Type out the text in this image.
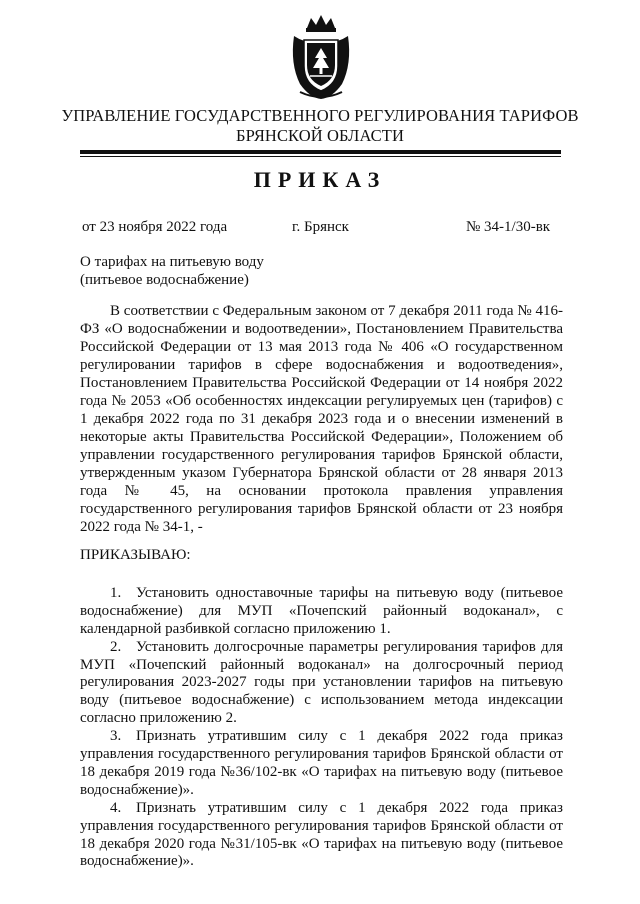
УПРАВЛЕНИЕ ГОСУДАРСТВЕННОГО РЕГУЛИРОВАНИЯ ТАРИФОВ
БРЯНСКОЙ ОБЛАСТИ
ПРИКАЗ
от 23 ноября 2022 года	г. Брянск	№ 34-1/30-вк
О тарифах на питьевую воду
(питьевое водоснабжение)

В соответствии с Федеральным законом от 7 декабря 2011 года № 416-ФЗ «О водоснабжении и водоотведении», Постановлением Правительства Российской Федерации от 13 мая 2013 года № 406 «О государственном регулировании тарифов в сфере водоснабжения и водоотведения», Постановлением Правительства Российской Федерации от 14 ноября 2022 года № 2053 «Об особенностях индексации регулируемых цен (тарифов) с 1 декабря 2022 года по 31 декабря 2023 года и о внесении изменений в некоторые акты Правительства Российской Федерации», Положением об управлении государственного регулирования тарифов Брянской области, утвержденным указом Губернатора Брянской области от 28 января 2013 года № 45, на основании протокола правления управления государственного регулирования тарифов Брянской области от 23 ноября 2022 года № 34-1, -

ПРИКАЗЫВАЮ:
1. Установить одноставочные тарифы на питьевую воду (питьевое водоснабжение) для МУП «Почепский районный водоканал», с календарной разбивкой согласно приложению 1.
2. Установить долгосрочные параметры регулирования тарифов для МУП «Почепский районный водоканал» на долгосрочный период регулирования 2023-2027 годы при установлении тарифов на питьевую воду (питьевое водоснабжение) с использованием метода индексации согласно приложению 2.
3. Признать утратившим силу с 1 декабря 2022 года приказ управления государственного регулирования тарифов Брянской области от 18 декабря 2019 года №36/102-вк «О тарифах на питьевую воду (питьевое водоснабжение)».
4. Признать утратившим силу с 1 декабря 2022 года приказ управления государственного регулирования тарифов Брянской области от 18 декабря 2020 года №31/105-вк «О тарифах на питьевую воду (питьевое водоснабжение)».
